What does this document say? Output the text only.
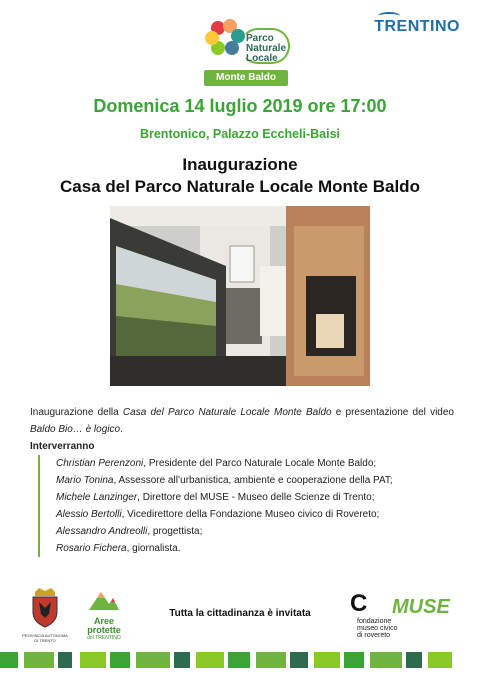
Parco
Naturale
Locale
Monte Baldo
TRENTINO
Domenica 14 luglio 2019 ore 17:00
Brentonico, Palazzo Eccheli-Baisi
Inaugurazione
Casa del Parco Naturale Locale Monte Baldo
Inaugurazione della Casa del Parco Naturale Locale Monte Baldo e presentazione del video Baldo Bio… è logico.
Interverranno
Christian Perenzoni, Presidente del Parco Naturale Locale Monte Baldo;
Mario Tonina, Assessore all’urbanistica, ambiente e cooperazione della PAT;
Michele Lanzinger, Direttore del MUSE - Museo delle Scienze di Trento;
Alessio Bertolli, Vicedirettore della Fondazione Museo civico di Rovereto;
Alessandro Andreolli, progettista;
Rosario Fichera, giornalista.
PROVINCIA AUTONOMA DI TRENTO
Aree
protette
del TRENTINO
Tutta la cittadinanza è invitata	C
fondazione
museo civico
di rovereto
MUSE
